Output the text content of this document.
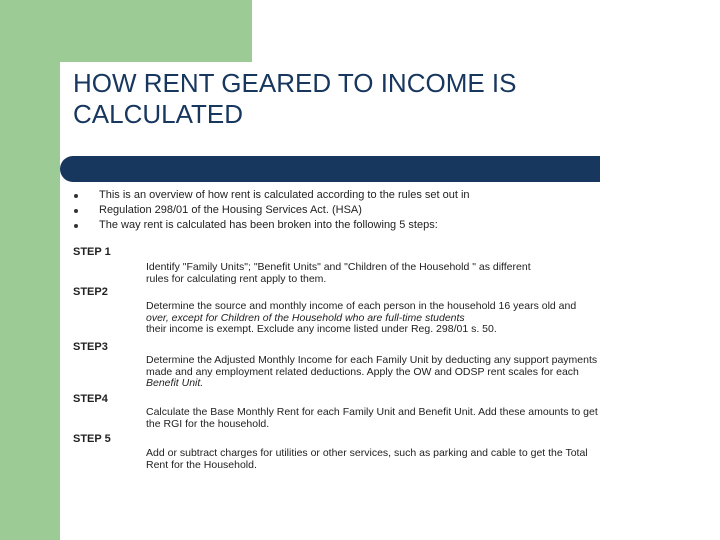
HOW RENT GEARED TO INCOME IS CALCULATED
This is an overview of how rent is calculated according to the rules set out in
Regulation 298/01 of the Housing Services Act. (HSA)
The way rent is calculated has been broken into the following 5 steps:
STEP 1
Identify "Family Units"; "Benefit Units" and "Children of the Household " as different
rules for calculating rent apply to them.
STEP2
Determine the source and monthly income of each person in the household 16 years old and
over, except for Children of the Household who are full-time students
their income is exempt. Exclude any income listed under Reg. 298/01 s. 50.
STEP3
Determine the Adjusted Monthly Income for each Family Unit by deducting any support payments
made and any employment related deductions. Apply the OW and ODSP rent scales for each
Benefit Unit.
STEP4
Calculate the Base Monthly Rent for each Family Unit and Benefit Unit. Add these amounts to get
the RGI for the household.
STEP 5
Add or subtract charges for utilities or other services, such as parking and cable to get the Total
Rent for the Household.
